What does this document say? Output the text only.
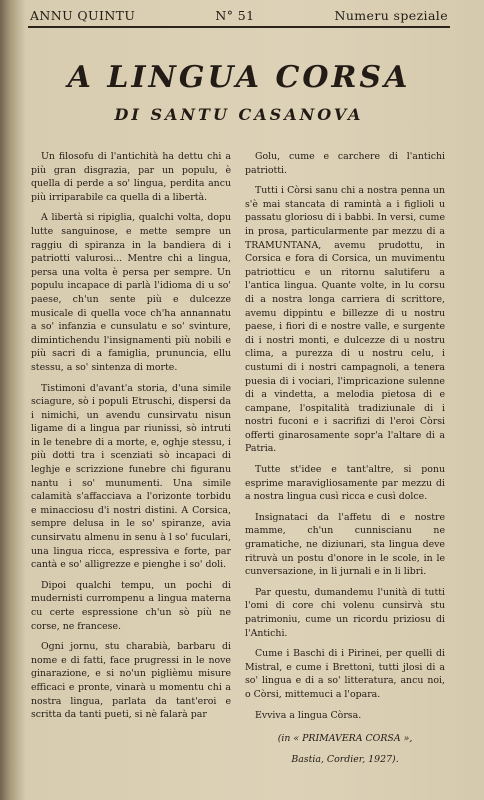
ANNU QUINTU	N° 51	Numeru speziale
A LINGUA CORSA
DI SANTU CASANOVA

Un filosofu di l'antichità ha dettu chi a più gran disgrazia, par un populu, è quella di perde a so' lingua, perdita ancu più irriparabile ca quella di a libertà.

A libertà si ripiglia, qualchi volta, dopu lutte sanguinose, e mette sempre un raggiu di spiranza in la bandiera di i patriotti valurosi... Mentre chi a lingua, persa una volta è persa per sempre. Un populu incapace di parlà l'idioma di u so' paese, ch'un sente più e dulcezze musicale di quella voce ch'ha annannatu a so' infanzia e cunsulatu e so' svinture, dimintichendu l'insignamenti più nobili e più sacri di a famiglia, prununcia, ellu stessu, a so' sintenza di morte.

Tistimoni d'avant'a storia, d'una simile sciagure, sò i populi Etruschi, dispersi da i nimichi, un avendu cunsirvatu nisun ligame di a lingua par riunissi, sò intruti in le tenebre di a morte, e, oghje stessu, i più dotti tra i scenziati sò incapaci di leghje e scrizzione funebre chi figuranu nantu i so' munumenti. Una simile calamità s'affacciava a l'orizonte torbidu e minacciosu d'i nostri distini. A Corsica, sempre delusa in le so' spiranze, avia cunsirvatu almenu in senu à l so' fuculari, una lingua ricca, espressiva e forte, par cantà e so' alligrezze e pienghe i so' doli.

Dipoi qualchi tempu, un pochi di mudernisti currompenu a lingua materna cu certe espressione ch'un sò più ne corse, ne francese.

Ogni jornu, stu charabià, barbaru di nome e di fatti, face prugressi in le nove ginarazione, e si no'un piglièmu misure efficaci e pronte, vinarà u momentu chi a nostra lingua, parlata da tant'eroi e scritta da tanti pueti, si nè falarà par

Golu, cume e carchere di l'antichi patriotti.

Tutti i Còrsi sanu chi a nostra penna un s'è mai stancata di ramintà a i figlioli u passatu gloriosu di i babbi. In versi, cume in prosa, particularmente par mezzu di a TRAMUNTANA, avemu prudottu, in Corsica e fora di Corsica, un muvimentu patriotticu e un ritornu salutiferu a l'antica lingua. Quante volte, in lu corsu di a nostra longa carriera di scrittore, avemu dippintu e billezze di u nostru paese, i fiori di e nostre valle, e surgente di i nostri monti, e dulcezze di u nostru clima, a purezza di u nostru celu, i custumi di i nostri campagnoli, a tenera puesia di i vociari, l'impricazione sulenne di a vindetta, a melodia pietosa di e campane, l'ospitalità tradiziunale di i nostri fuconi e i sacrifizi di l'eroi Còrsi offerti ginarosamente sopr'a l'altare di a Patria.

Tutte st'idee e tant'altre, si ponu esprime maravigliosamente par mezzu di a nostra lingua cusì ricca e cusì dolce.

Insignataci da l'affetu di e nostre mamme, ch'un cunniscianu ne gramatiche, ne diziunari, sta lingua deve ritruvà un postu d'onore in le scole, in le cunversazione, in li jurnali e in li libri.

Par questu, dumandemu l'unità di tutti l'omi di core chi volenu cunsirvà stu patrimoniu, cume un ricordu priziosu di l'Antichi.

Cume i Baschi di i Pirinei, per quelli di Mistral, e cume i Brettoni, tutti jlosi di a so' lingua e di a so' litteratura, ancu noi, o Còrsi, mittemuci a l'opara.

Evviva a lingua Còrsa.

(in « PRIMAVERA CORSA »,

Bastia, Cordier, 1927).
